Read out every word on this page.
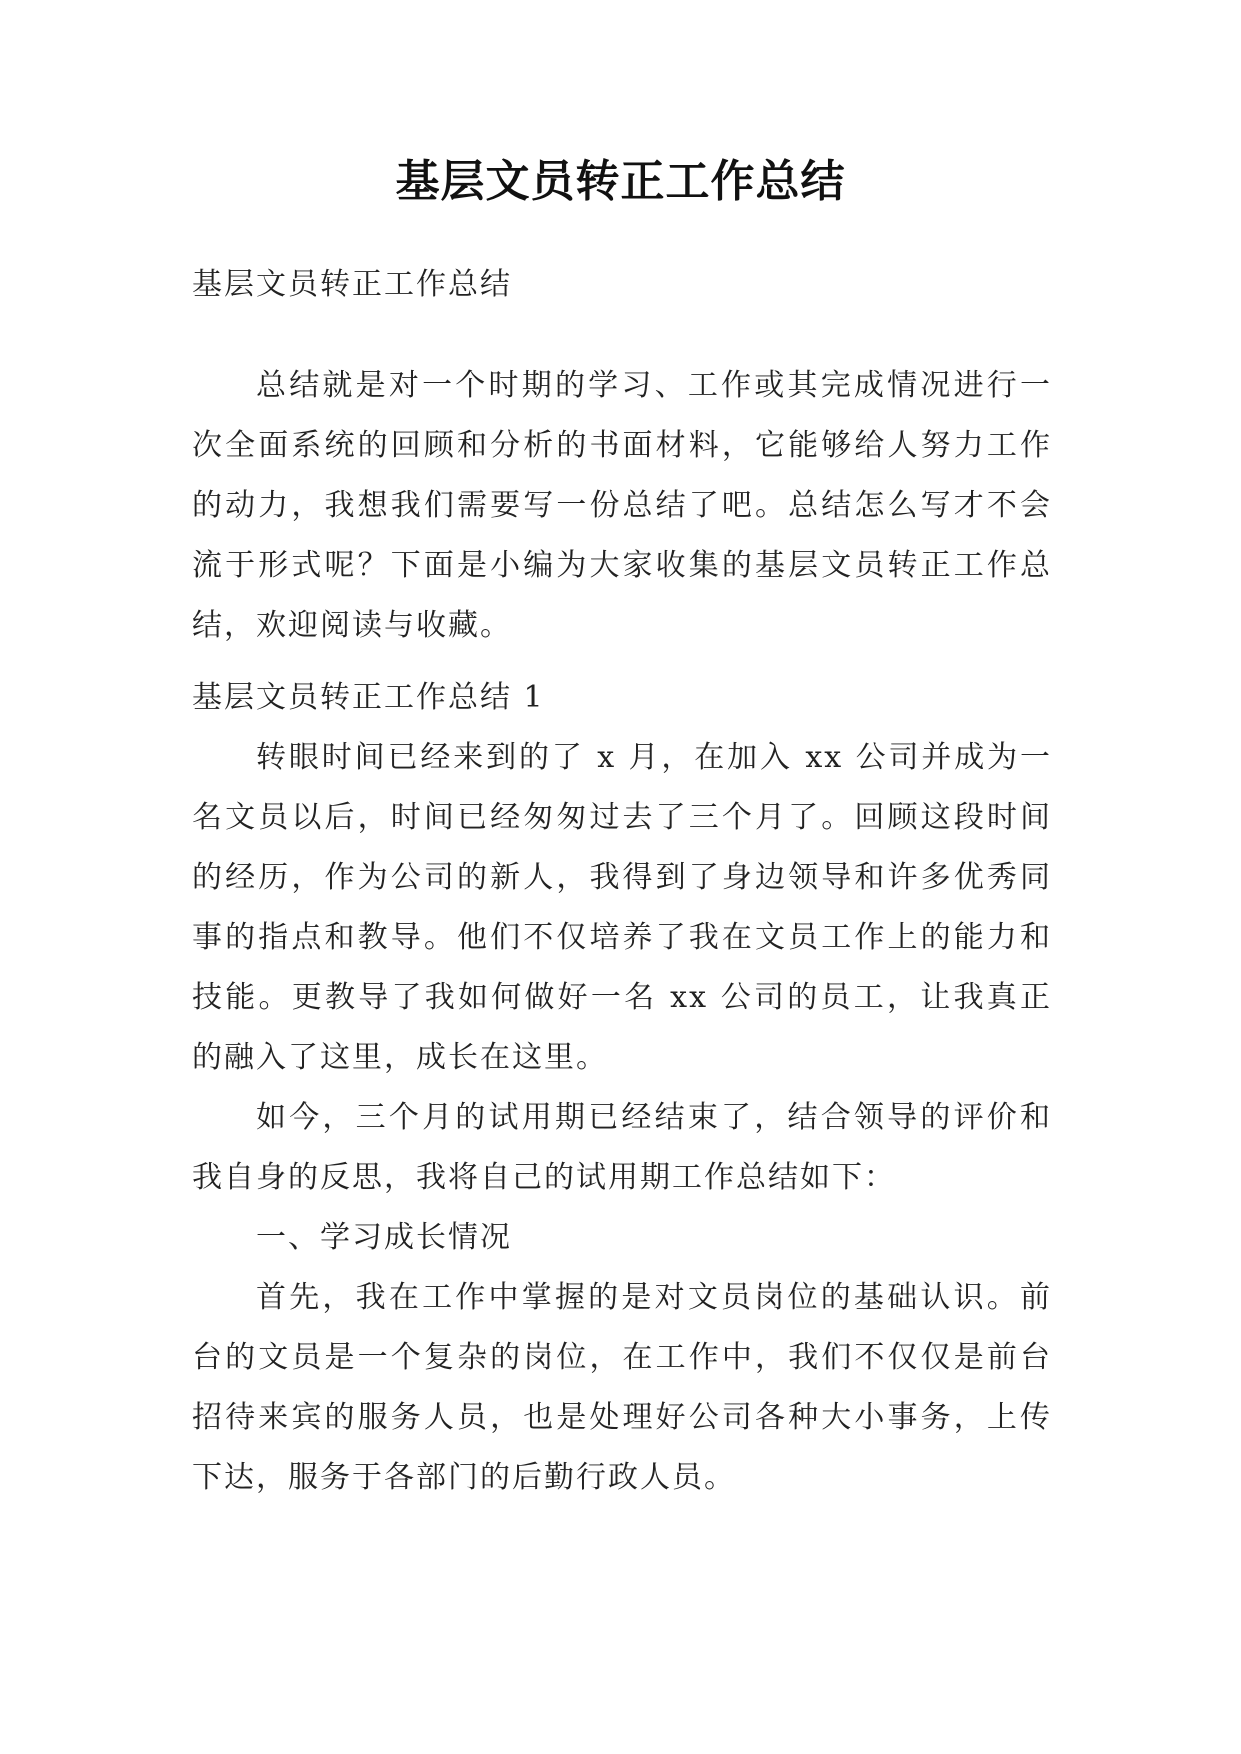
基层文员转正工作总结

基层文员转正工作总结

总结就是对一个时期的学习、工作或其完成情况进行一次全面系统的回顾和分析的书面材料，它能够给人努力工作的动力，我想我们需要写一份总结了吧。总结怎么写才不会流于形式呢？下面是小编为大家收集的基层文员转正工作总结，欢迎阅读与收藏。

基层文员转正工作总结 1

转眼时间已经来到的了 x 月，在加入 xx 公司并成为一名文员以后，时间已经匆匆过去了三个月了。回顾这段时间的经历，作为公司的新人，我得到了身边领导和许多优秀同事的指点和教导。他们不仅培养了我在文员工作上的能力和技能。更教导了我如何做好一名 xx 公司的员工，让我真正的融入了这里，成长在这里。

如今，三个月的试用期已经结束了，结合领导的评价和我自身的反思，我将自己的试用期工作总结如下：

一、学习成长情况

首先，我在工作中掌握的是对文员岗位的基础认识。前台的文员是一个复杂的岗位，在工作中，我们不仅仅是前台招待来宾的服务人员，也是处理好公司各种大小事务，上传下达，服务于各部门的后勤行政人员。
